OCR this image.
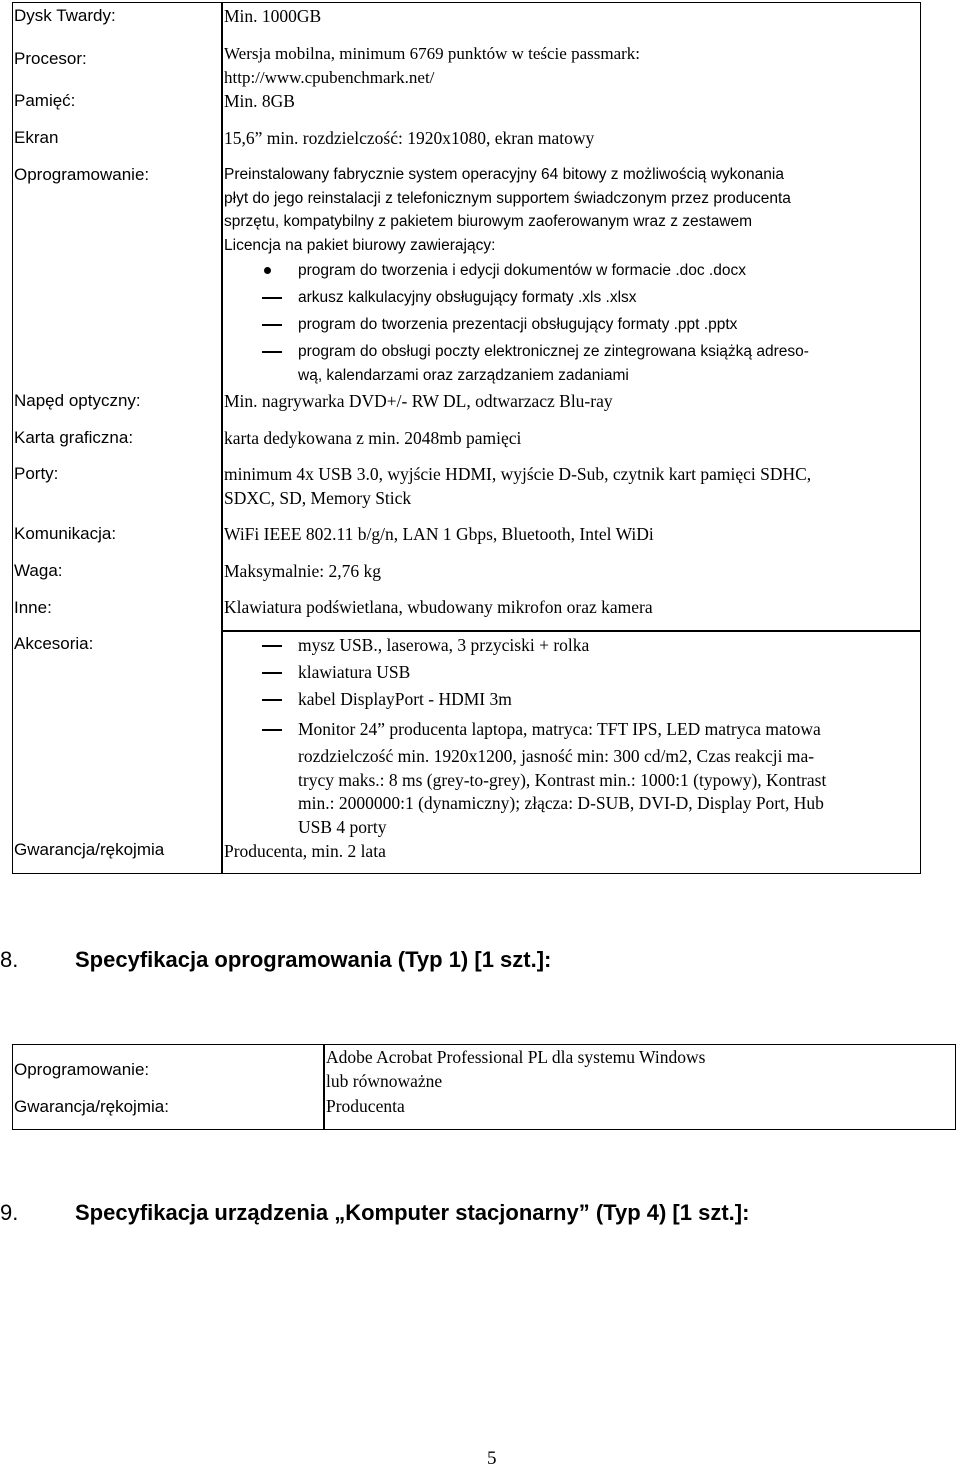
Dysk Twardy:
Procesor:
Pamięć:
Ekran
Oprogramowanie:
Napęd optyczny:
Karta graficzna:
Porty:
Komunikacja:
Waga:
Inne:
Akcesoria:
Gwarancja/rękojmia
Min. 1000GB

Wersja mobilna, minimum 6769 punktów w teście passmark:

http://www.cpubenchmark.net/

Min. 8GB
15,6” min. rozdzielczość: 1920x1080, ekran matowy

Preinstalowany fabrycznie system operacyjny 64 bitowy z możliwością wykonania

płyt do jego reinstalacji z telefonicznym supportem świadczonym przez producenta

sprzętu, kompatybilny z pakietem biurowym zaoferowanym wraz z zestawem

Licencja na pakiet biurowy zawierający:

program do tworzenia i edycji dokumentów w formacie .doc .docx
arkusz kalkulacyjny obsługujący formaty .xls .xlsx
program do tworzenia prezentacji obsługujący formaty .ppt .pptx
program do obsługi poczty elektronicznej ze zintegrowana książką adreso-
wą, kalendarzami oraz zarządzaniem zadaniami
Min. nagrywarka DVD+/- RW DL, odtwarzacz Blu-ray
karta dedykowana z min. 2048mb pamięci

minimum 4x USB 3.0, wyjście HDMI, wyjście D-Sub, czytnik kart pamięci SDHC,

SDXC, SD, Memory Stick

WiFi IEEE 802.11 b/g/n, LAN 1 Gbps, Bluetooth, Intel WiDi
Maksymalnie: 2,76 kg
Klawiatura podświetlana, wbudowany mikrofon oraz kamera
mysz USB., laserowa, 3 przyciski + rolka
klawiatura USB
kabel DisplayPort - HDMI 3m
Monitor 24” producenta laptopa, matryca: TFT IPS, LED matryca matowa
rozdzielczość min. 1920x1200, jasność min: 300 cd/m2, Czas reakcji ma-
trycy maks.: 8 ms (grey-to-grey), Kontrast min.: 1000:1 (typowy), Kontrast
min.: 2000000:1 (dynamiczny); złącza: D-SUB, DVI-D, Display Port, Hub
USB 4 porty
Producenta, min. 2 lata
8.	Specyfikacja oprogramowania (Typ 1) [1 szt.]:
Oprogramowanie:
Gwarancja/rękojmia:

Adobe Acrobat Professional PL dla systemu Windows

lub równoważne

Producenta
9.	Specyfikacja urządzenia „Komputer stacjonarny” (Typ 4) [1 szt.]:
5
